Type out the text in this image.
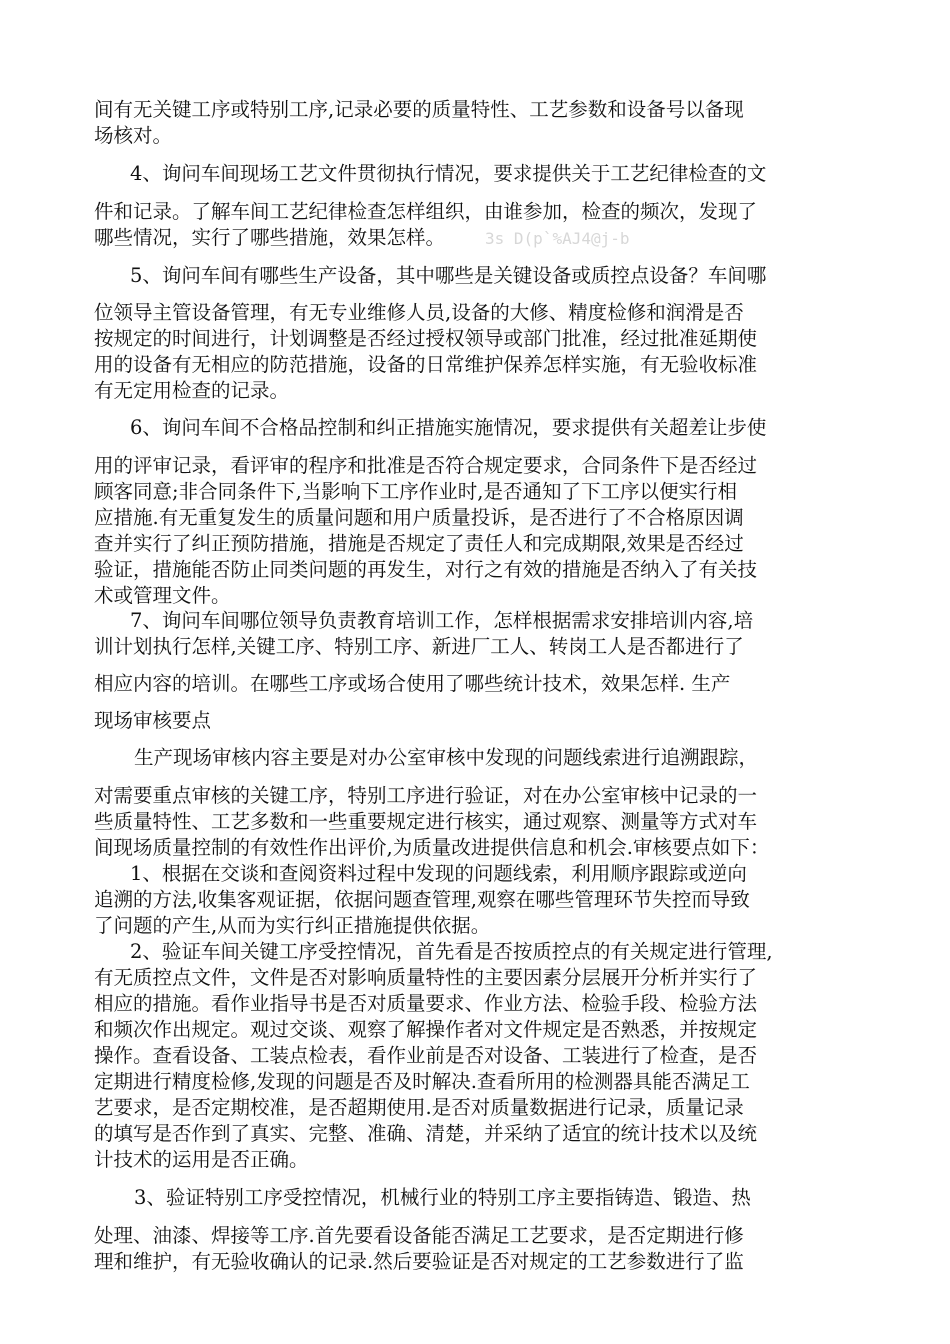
间有无关键工序或特别工序,记录必要的质量特性、工艺参数和设备号以备现

场核对。

4、询问车间现场工艺文件贯彻执行情况，要求提供关于工艺纪律检查的文

件和记录。了解车间工艺纪律检查怎样组织，由谁参加，检查的频次，发现了

哪些情况，实行了哪些措施，效果怎样。	3s D(p`%AJ4@j-b

5、询问车间有哪些生产设备，其中哪些是关键设备或质控点设备？车间哪

位领导主管设备管理，有无专业维修人员,设备的大修、精度检修和润滑是否

按规定的时间进行，计划调整是否经过授权领导或部门批准，经过批准延期使

用的设备有无相应的防范措施，设备的日常维护保养怎样实施，有无验收标准

有无定用检查的记录。

6、询问车间不合格品控制和纠正措施实施情况，要求提供有关超差让步使

用的评审记录，看评审的程序和批准是否符合规定要求，合同条件下是否经过

顾客同意;非合同条件下,当影响下工序作业时,是否通知了下工序以便实行相

应措施.有无重复发生的质量问题和用户质量投诉，是否进行了不合格原因调

查并实行了纠正预防措施，措施是否规定了责任人和完成期限,效果是否经过

验证，措施能否防止同类问题的再发生，对行之有效的措施是否纳入了有关技

术或管理文件。

7、询问车间哪位领导负责教育培训工作，怎样根据需求安排培训内容,培

训计划执行怎样,关键工序、特别工序、新进厂工人、转岗工人是否都进行了

相应内容的培训。在哪些工序或场合使用了哪些统计技术，效果怎样. 生产

现场审核要点

生产现场审核内容主要是对办公室审核中发现的问题线索进行追溯跟踪，

对需要重点审核的关键工序，特别工序进行验证，对在办公室审核中记录的一

些质量特性、工艺多数和一些重要规定进行核实，通过观察、测量等方式对车

间现场质量控制的有效性作出评价,为质量改进提供信息和机会.审核要点如下：

1、根据在交谈和查阅资料过程中发现的问题线索，利用顺序跟踪或逆向

追溯的方法,收集客观证据，依据问题查管理,观察在哪些管理环节失控而导致

了问题的产生,从而为实行纠正措施提供依据。

2、验证车间关键工序受控情况，首先看是否按质控点的有关规定进行管理,

有无质控点文件，文件是否对影响质量特性的主要因素分层展开分析并实行了

相应的措施。看作业指导书是否对质量要求、作业方法、检验手段、检验方法

和频次作出规定。观过交谈、观察了解操作者对文件规定是否熟悉，并按规定

操作。查看设备、工装点检表，看作业前是否对设备、工装进行了检查，是否

定期进行精度检修,发现的问题是否及时解决.查看所用的检测器具能否满足工

艺要求，是否定期校准，是否超期使用.是否对质量数据进行记录，质量记录

的填写是否作到了真实、完整、准确、清楚，并采纳了适宜的统计技术以及统

计技术的运用是否正确。

3、验证特别工序受控情况，机械行业的特别工序主要指铸造、锻造、热

处理、油漆、焊接等工序.首先要看设备能否满足工艺要求，是否定期进行修

理和维护，有无验收确认的记录.然后要验证是否对规定的工艺参数进行了监
